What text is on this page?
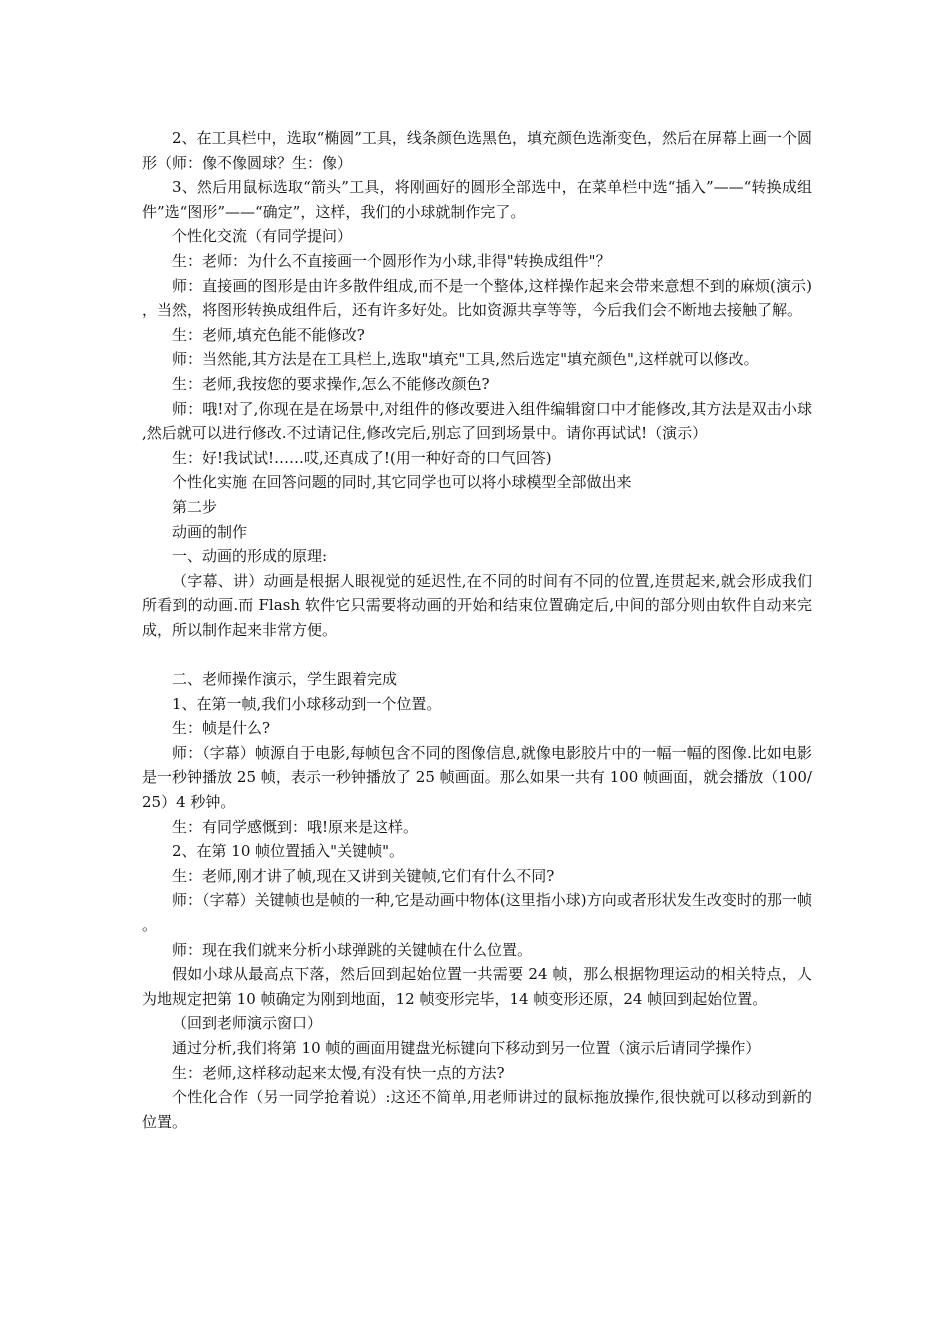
2、在工具栏中，选取“椭圆”工具，线条颜色选黑色，填充颜色选渐变色，然后在屏幕上画一个圆形（师：像不像圆球？生：像）

3、然后用鼠标选取“箭头”工具，将刚画好的圆形全部选中，在菜单栏中选“插入”——“转换成组件”选“图形”——“确定”，这样，我们的小球就制作完了。

个性化交流（有同学提问）

生：老师：为什么不直接画一个圆形作为小球,非得"转换成组件"？

师：直接画的图形是由许多散件组成,而不是一个整体,这样操作起来会带来意想不到的麻烦(演示)，当然，将图形转换成组件后，还有许多好处。比如资源共享等等，今后我们会不断地去接触了解。

生：老师,填充色能不能修改?

师：当然能,其方法是在工具栏上,选取"填充"工具,然后选定"填充颜色",这样就可以修改。

生：老师,我按您的要求操作,怎么不能修改颜色?

师：哦!对了,你现在是在场景中,对组件的修改要进入组件编辑窗口中才能修改,其方法是双击小球,然后就可以进行修改.不过请记住,修改完后,别忘了回到场景中。请你再试试!（演示）

生：好!我试试!……哎,还真成了!(用一种好奇的口气回答)

个性化实施 在回答问题的同时,其它同学也可以将小球模型全部做出来

第二步

动画的制作

一、动画的形成的原理:

（字幕、讲）动画是根据人眼视觉的延迟性,在不同的时间有不同的位置,连贯起来,就会形成我们所看到的动画.而 Flash 软件它只需要将动画的开始和结束位置确定后,中间的部分则由软件自动来完成，所以制作起来非常方便。

二、老师操作演示，学生跟着完成

1、在第一帧,我们小球移动到一个位置。

生：帧是什么?

师：（字幕）帧源自于电影,每帧包含不同的图像信息,就像电影胶片中的一幅一幅的图像.比如电影是一秒钟播放 25 帧，表示一秒钟播放了 25 帧画面。那么如果一共有 100 帧画面，就会播放（100/25）4 秒钟。

生：有同学感慨到：哦!原来是这样。

2、在第 10 帧位置插入"关键帧"。

生：老师,刚才讲了帧,现在又讲到关键帧,它们有什么不同?

师：（字幕）关键帧也是帧的一种,它是动画中物体(这里指小球)方向或者形状发生改变时的那一帧。

师：现在我们就来分析小球弹跳的关键帧在什么位置。

假如小球从最高点下落，然后回到起始位置一共需要 24 帧，那么根据物理运动的相关特点，人为地规定把第 10 帧确定为刚到地面，12 帧变形完毕，14 帧变形还原，24 帧回到起始位置。

（回到老师演示窗口）

通过分析,我们将第 10 帧的画面用键盘光标键向下移动到另一位置（演示后请同学操作）

生：老师,这样移动起来太慢,有没有快一点的方法?

个性化合作（另一同学抢着说）:这还不简单,用老师讲过的鼠标拖放操作,很快就可以移动到新的位置。
